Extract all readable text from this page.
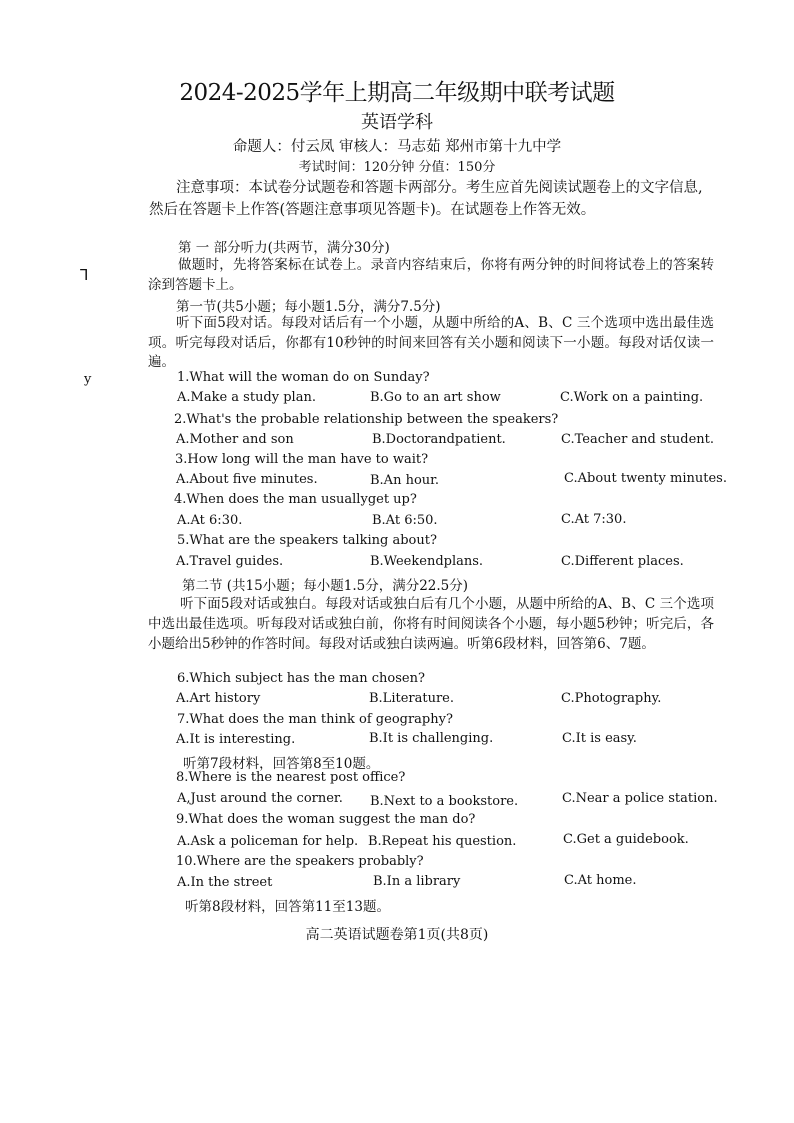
2024-2025学年上期高二年级期中联考试题
英语学科
命题人：付云凤 审核人：马志茹 郑州市第十九中学
考试时间：120分钟 分值：150分
注意事项：本试卷分试题卷和答题卡两部分。考生应首先阅读试题卷上的文字信息,
然后在答题卡上作答(答题注意事项见答题卡)。在试题卷上作答无效。
⅂
y
第 一 部分听力(共两节，满分30分)
做题时，先将答案标在试卷上。录音内容结束后，你将有两分钟的时间将试卷上的答案转涂到答题卡上。
第一节(共5小题；每小题1.5分，满分7.5分)
听下面5段对话。每段对话后有一个小题，从题中所给的A、B、C 三个选项中选出最佳选项。听完每段对话后，你都有10秒钟的时间来回答有关小题和阅读下一小题。每段对话仅读一遍。
1.What will the woman do on Sunday?
A.Make a study plan.	B.Go to an art show	C.Work on a painting.
2.What's the probable relationship between the speakers?
A.Mother and son	B.Doctorandpatient.	C.Teacher and student.
3.How long will the man have to wait?
A.About five minutes.	B.An hour.	C.About twenty minutes.
4.When does the man usuallyget up?
A.At 6:30.	B.At 6:50.	C.At 7:30.
5.What are the speakers talking about?
A.Travel guides.	B.Weekendplans.	C.Different places.
第二节 (共15小题；每小题1.5分，满分22.5分)
听下面5段对话或独白。每段对话或独白后有几个小题，从题中所给的A、B、C 三个选项中选出最佳选项。听每段对话或独白前，你将有时间阅读各个小题，每小题5秒钟；听完后，各小题给出5秒钟的作答时间。每段对话或独白读两遍。听第6段材料，回答第6、7题。
6.Which subject has the man chosen?
A.Art history	B.Literature.	C.Photography.
7.What does the man think of geography?
A.It is interesting.	B.It is challenging.	C.It is easy.
听第7段材料，回答第8至10题。
8.Where is the nearest post office?
A,Just around the corner. B.Next to a bookstore.	C.Near a police station.
9.What does the woman suggest the man do?
A.Ask a policeman for help. B.Repeat his question.	C.Get a guidebook.
10.Where are the speakers probably?
A.In the street	B.In a library	C.At home.
听第8段材料，回答第11至13题。
高二英语试题卷第1页(共8页)
